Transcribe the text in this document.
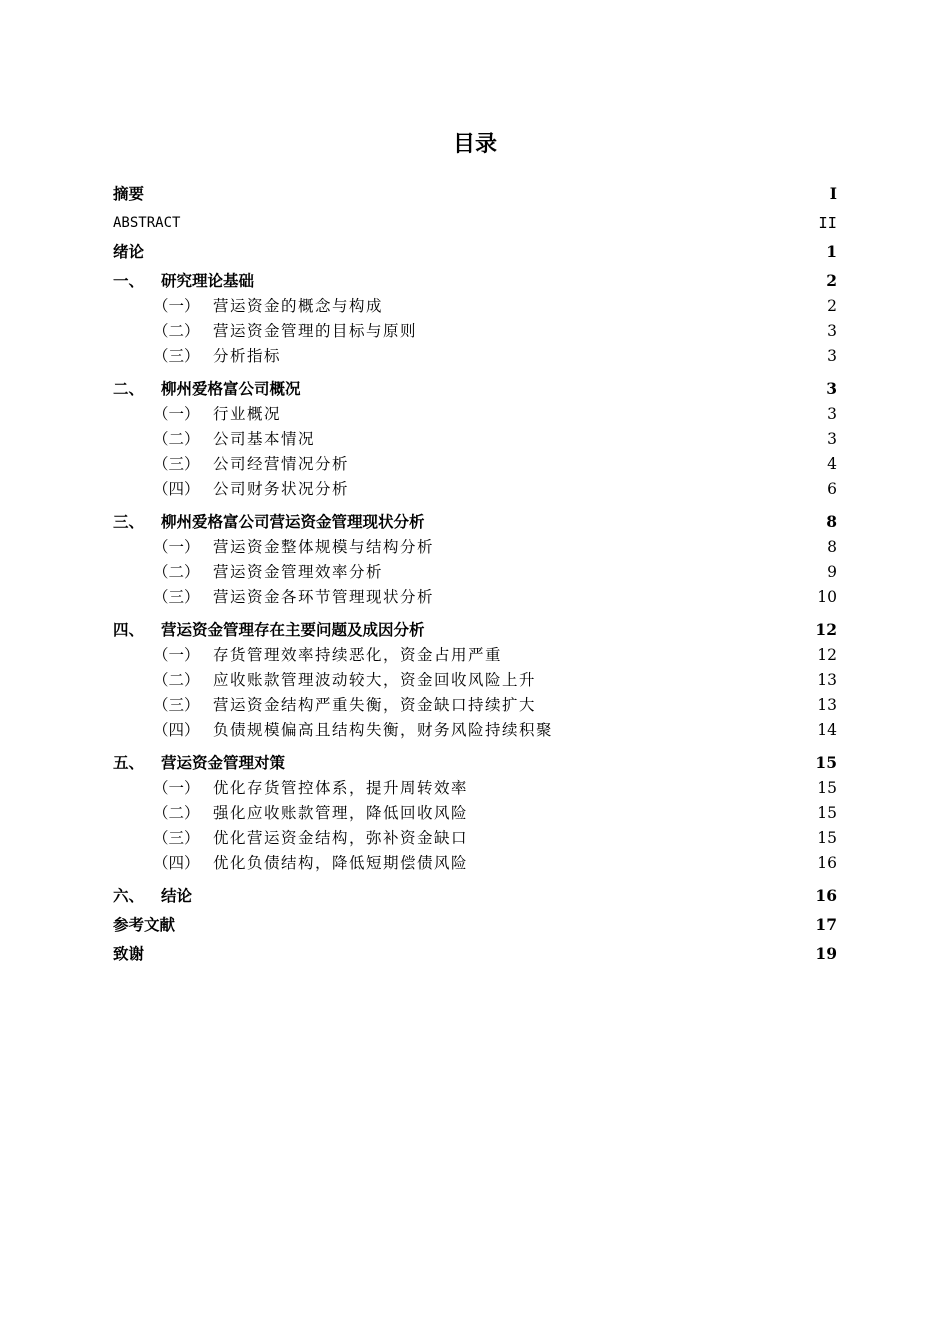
目录
摘要 .....	I
ABSTRACT .....	II
绪论 .....	1
一、	研究理论基础 .....	2
（一） 营运资金的概念与构成 .....	2
（二） 营运资金管理的目标与原则 .....	3
（三） 分析指标 .....	3
二、	柳州爱格富公司概况 .....	3
（一） 行业概况 .....	3
（二） 公司基本情况 .....	3
（三） 公司经营情况分析 .....	4
（四） 公司财务状况分析 .....	6
三、	柳州爱格富公司营运资金管理现状分析 .....	8
（一） 营运资金整体规模与结构分析 .....	8
（二） 营运资金管理效率分析 .....	9
（三） 营运资金各环节管理现状分析 .....	10
四、	营运资金管理存在主要问题及成因分析 .....	12
（一） 存货管理效率持续恶化，资金占用严重 .....	12
（二） 应收账款管理波动较大，资金回收风险上升 .....	13
（三） 营运资金结构严重失衡，资金缺口持续扩大 .....	13
（四） 负债规模偏高且结构失衡，财务风险持续积聚 .....	14
五、	营运资金管理对策 .....	15
（一） 优化存货管控体系，提升周转效率 .....	15
（二） 强化应收账款管理，降低回收风险 .....	15
（三） 优化营运资金结构，弥补资金缺口 .....	15
（四） 优化负债结构，降低短期偿债风险　 .....	16
六、	结论 .....	16
参考文献 .....	17
致谢 .....	19
